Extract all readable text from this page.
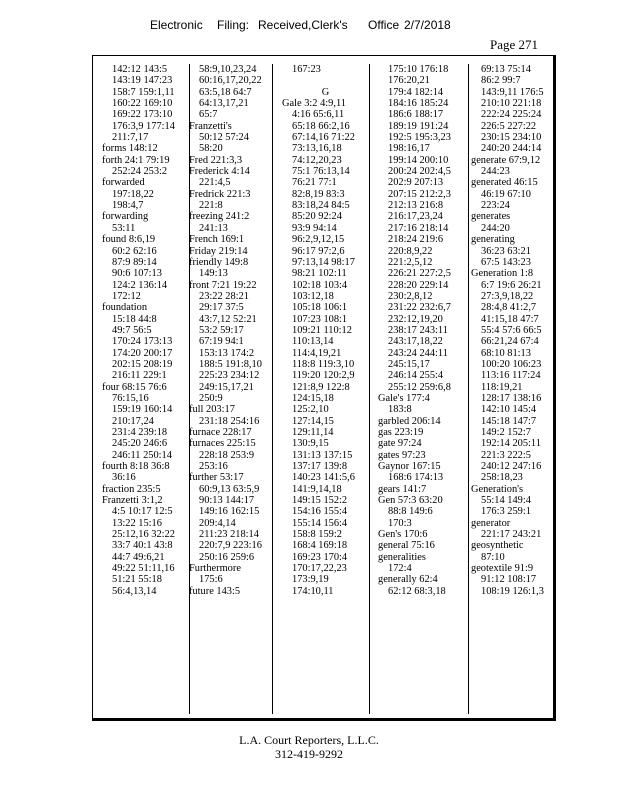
Electronic Filing: Received,Clerk's Office 2/7/2018
Page 271
142:12 143:5
143:19 147:23
158:7 159:1,11
160:22 169:10
169:22 173:10
176:3,9 177:14
211:7,17
forms 148:12
forth 24:1 79:19
252:24 253:2
forwarded
197:18,22
198:4,7
forwarding
53:11
found 8:6,19
60:2 62:16
87:9 89:14
90:6 107:13
124:2 136:14
172:12
foundation
15:18 44:8
49:7 56:5
170:24 173:13
174:20 200:17
202:15 208:19
216:11 229:1
four 68:15 76:6
76:15,16
159:19 160:14
210:17,24
231:4 239:18
245:20 246:6
246:11 250:14
fourth 8:18 36:8
36:16
fraction 235:5
Franzetti 3:1,2
4:5 10:17 12:5
13:22 15:16
25:12,16 32:22
33:7 40:1 43:8
44:7 49:6,21
49:22 51:11,16
51:21 55:18
56:4,13,14
58:9,10,23,24
60:16,17,20,22
63:5,18 64:7
64:13,17,21
65:7
Franzetti's
50:12 57:24
58:20
Fred 221:3,3
Frederick 4:14
221:4,5
Fredrick 221:3
221:8
freezing 241:2
241:13
French 169:1
Friday 219:14
friendly 149:8
149:13
front 7:21 19:22
23:22 28:21
29:17 37:5
43:7,12 52:21
53:2 59:17
67:19 94:1
153:13 174:2
188:5 191:8,10
225:23 234:12
249:15,17,21
250:9
full 203:17
231:18 254:16
furnace 228:17
furnaces 225:15
228:18 253:9
253:16
further 53:17
60:9,13 63:5,9
90:13 144:17
149:16 162:15
209:4,14
211:23 218:14
220:7,9 223:16
250:16 259:6
Furthermore
175:6
future 143:5
167:23
G
Gale 3:2 4:9,11
4:16 65:6,11
65:18 66:2,16
67:14,16 71:22
73:13,16,18
74:12,20,23
75:1 76:13,14
76:21 77:1
82:8,19 83:3
83:18,24 84:5
85:20 92:24
93:9 94:14
96:2,9,12,15
96:17 97:2,6
97:13,14 98:17
98:21 102:11
102:18 103:4
103:12,18
105:18 106:1
107:23 108:1
109:21 110:12
110:13,14
114:4,19,21
118:8 119:3,10
119:20 120:2,9
121:8,9 122:8
124:15,18
125:2,10
127:14,15
129:11,14
130:9,15
131:13 137:15
137:17 139:8
140:23 141:5,6
141:9,14,18
149:15 152:2
154:16 155:4
155:14 156:4
158:8 159:2
168:4 169:18
169:23 170:4
170:17,22,23
173:9,19
174:10,11
175:10 176:18
176:20,21
179:4 182:14
184:16 185:24
186:6 188:17
189:19 191:24
192:5 195:3,23
198:16,17
199:14 200:10
200:24 202:4,5
202:9 207:13
207:15 212:2,3
212:13 216:8
216:17,23,24
217:16 218:14
218:24 219:6
220:8,9,22
221:2,5,12
226:21 227:2,5
228:20 229:14
230:2,8,12
231:22 232:6,7
232:12,19,20
238:17 243:11
243:17,18,22
243:24 244:11
245:15,17
246:14 255:4
255:12 259:6,8
Gale's 177:4
183:8
garbled 206:14
gas 223:19
gate 97:24
gates 97:23
Gaynor 167:15
168:6 174:13
gears 141:7
Gen 57:3 63:20
88:8 149:6
170:3
Gen's 170:6
general 75:16
generalities
172:4
generally 62:4
62:12 68:3,18
69:13 75:14
86:2 99:7
143:9,11 176:5
210:10 221:18
222:24 225:24
226:5 227:22
230:15 234:10
240:20 244:14
generate 67:9,12
244:23
generated 46:15
46:19 67:10
223:24
generates
244:20
generating
36:23 63:21
67:5 143:23
Generation 1:8
6:7 19:6 26:21
27:3,9,18,22
28:4,8 41:2,7
41:15,18 47:7
55:4 57:6 66:5
66:21,24 67:4
68:10 81:13
100:20 106:23
113:16 117:24
118:19,21
128:17 138:16
142:10 145:4
145:18 147:7
149:2 152:7
192:14 205:11
221:3 222:5
240:12 247:16
258:18,23
Generation's
55:14 149:4
176:3 259:1
generator
221:17 243:21
geosynthetic
87:10
geotextile 91:9
91:12 108:17
108:19 126:1,3
L.A. Court Reporters, L.L.C.
312-419-9292
